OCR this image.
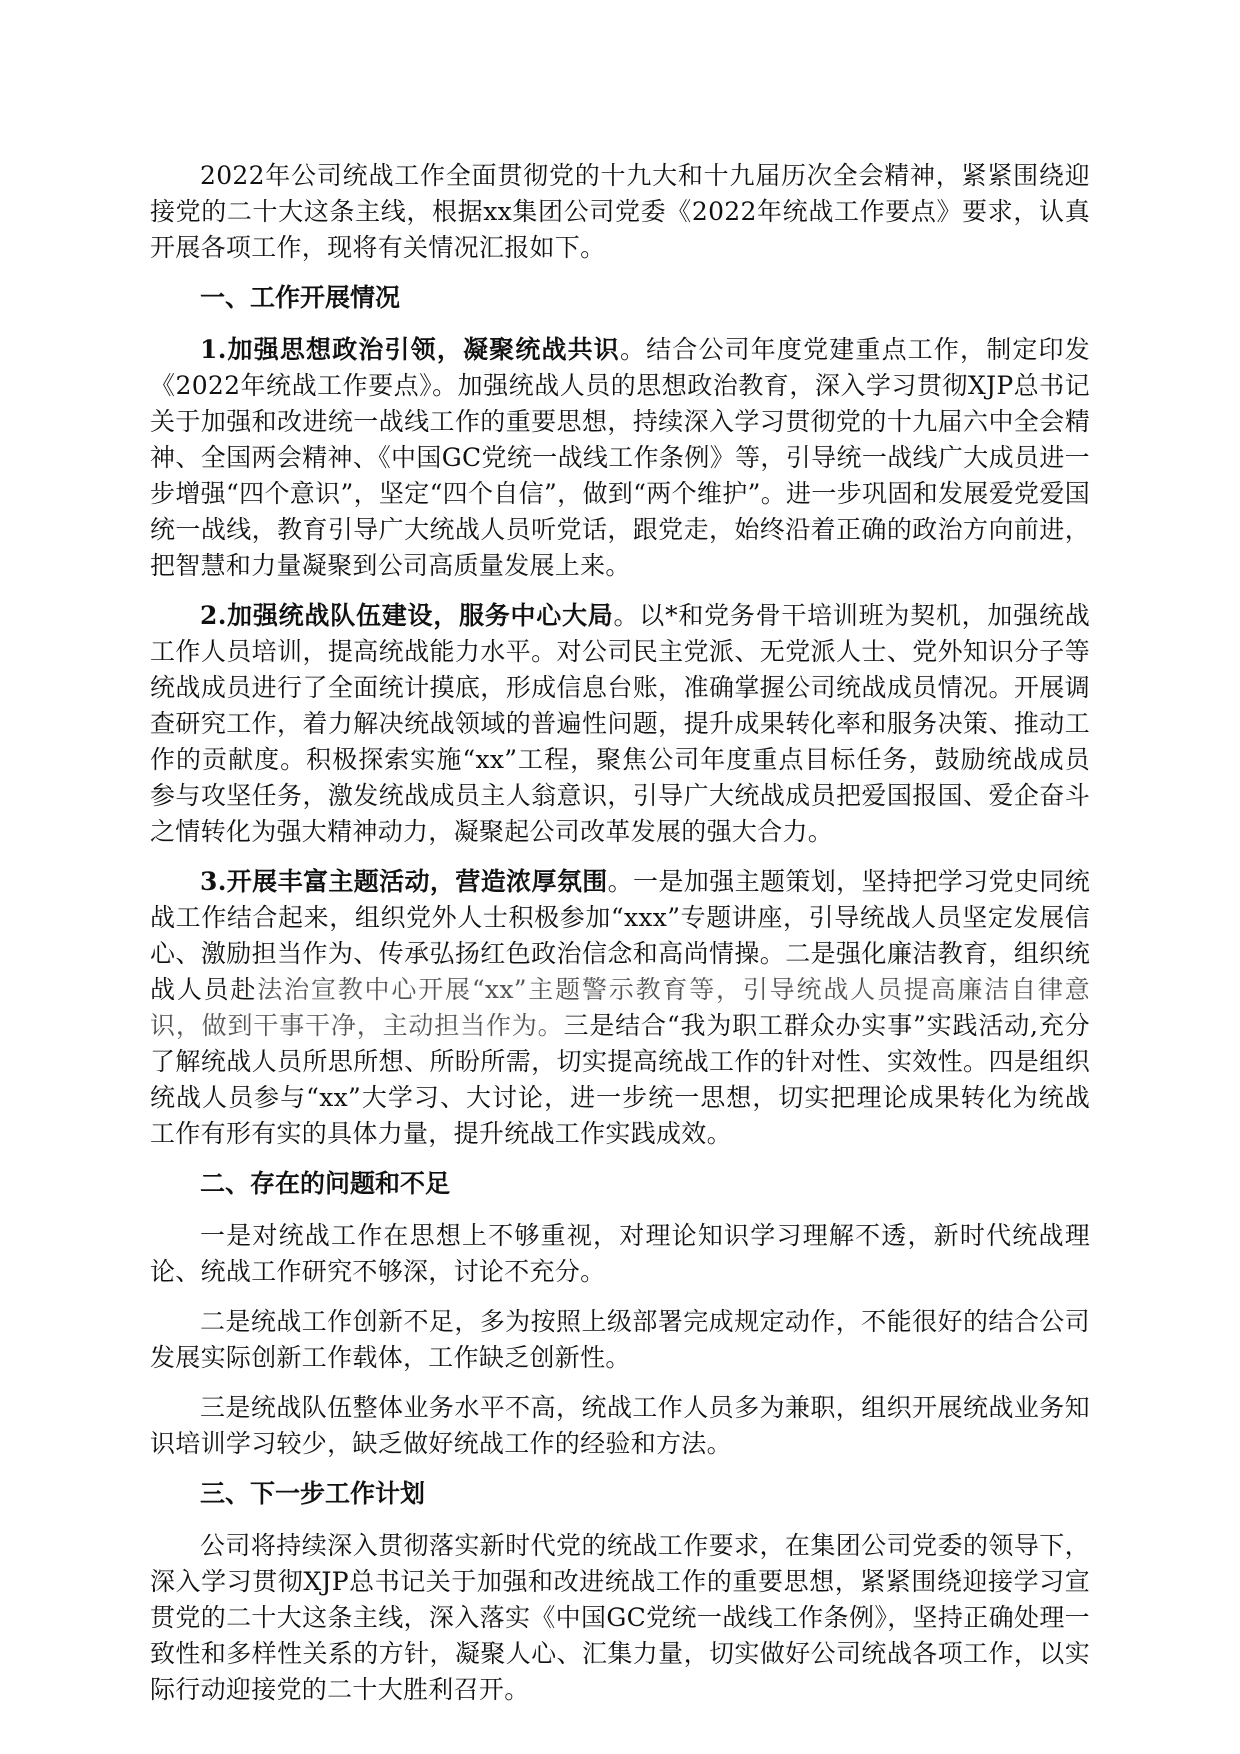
2022年公司统战工作全面贯彻党的十九大和十九届历次全会精神，紧紧围绕迎接党的二十大这条主线，根据xx集团公司党委《2022年统战工作要点》要求，认真开展各项工作，现将有关情况汇报如下。

一、工作开展情况

1.加强思想政治引领，凝聚统战共识。结合公司年度党建重点工作，制定印发《2022年统战工作要点》。加强统战人员的思想政治教育，深入学习贯彻XJP总书记关于加强和改进统一战线工作的重要思想，持续深入学习贯彻党的十九届六中全会精神、全国两会精神、《中国GC党统一战线工作条例》等，引导统一战线广大成员进一步增强“四个意识”，坚定“四个自信”，做到“两个维护”。进一步巩固和发展爱党爱国统一战线，教育引导广大统战人员听党话，跟党走，始终沿着正确的政治方向前进，把智慧和力量凝聚到公司高质量发展上来。

2.加强统战队伍建设，服务中心大局。以*和党务骨干培训班为契机，加强统战工作人员培训，提高统战能力水平。对公司民主党派、无党派人士、党外知识分子等统战成员进行了全面统计摸底，形成信息台账，准确掌握公司统战成员情况。开展调查研究工作，着力解决统战领域的普遍性问题，提升成果转化率和服务决策、推动工作的贡献度。积极探索实施“xx”工程，聚焦公司年度重点目标任务，鼓励统战成员参与攻坚任务，激发统战成员主人翁意识，引导广大统战成员把爱国报国、爱企奋斗之情转化为强大精神动力，凝聚起公司改革发展的强大合力。

3.开展丰富主题活动，营造浓厚氛围。一是加强主题策划，坚持把学习党史同统战工作结合起来，组织党外人士积极参加“xxx”专题讲座，引导统战人员坚定发展信心、激励担当作为、传承弘扬红色政治信念和高尚情操。二是强化廉洁教育，组织统战人员赴法治宣教中心开展“xx”主题警示教育等，引导统战人员提高廉洁自律意识，做到干事干净，主动担当作为。三是结合“我为职工群众办实事”实践活动,充分了解统战人员所思所想、所盼所需，切实提高统战工作的针对性、实效性。四是组织统战人员参与“xx”大学习、大讨论，进一步统一思想，切实把理论成果转化为统战工作有形有实的具体力量，提升统战工作实践成效。

二、存在的问题和不足

一是对统战工作在思想上不够重视，对理论知识学习理解不透，新时代统战理论、统战工作研究不够深，讨论不充分。

二是统战工作创新不足，多为按照上级部署完成规定动作，不能很好的结合公司发展实际创新工作载体，工作缺乏创新性。

三是统战队伍整体业务水平不高，统战工作人员多为兼职，组织开展统战业务知识培训学习较少，缺乏做好统战工作的经验和方法。

三、下一步工作计划

公司将持续深入贯彻落实新时代党的统战工作要求，在集团公司党委的领导下，深入学习贯彻XJP总书记关于加强和改进统战工作的重要思想，紧紧围绕迎接学习宣贯党的二十大这条主线，深入落实《中国GC党统一战线工作条例》，坚持正确处理一致性和多样性关系的方针，凝聚人心、汇集力量，切实做好公司统战各项工作，以实际行动迎接党的二十大胜利召开。
